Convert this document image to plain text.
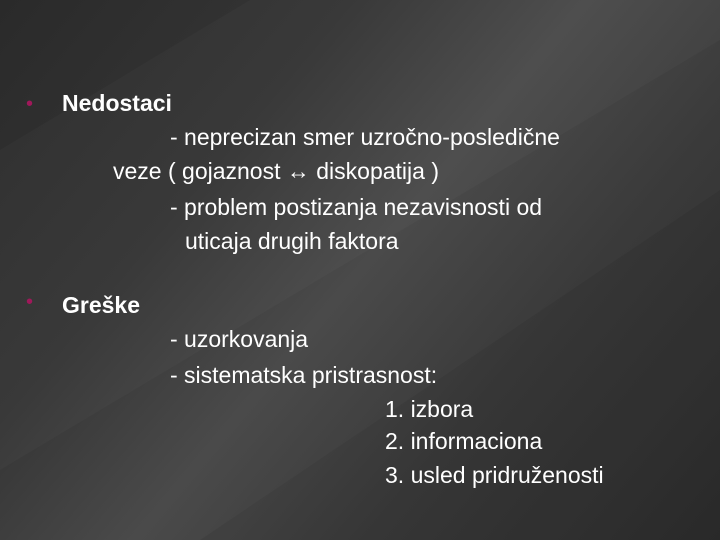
• Nedostaci
- neprecizan smer uzročno-posledične
veze ( gojaznost ↔ diskopatija )
- problem postizanja nezavisnosti od
uticaja drugih faktora
• Greške
- uzorkovanja
- sistematska pristrasnost:
1. izbora
2. informaciona
3. usled pridruženosti
